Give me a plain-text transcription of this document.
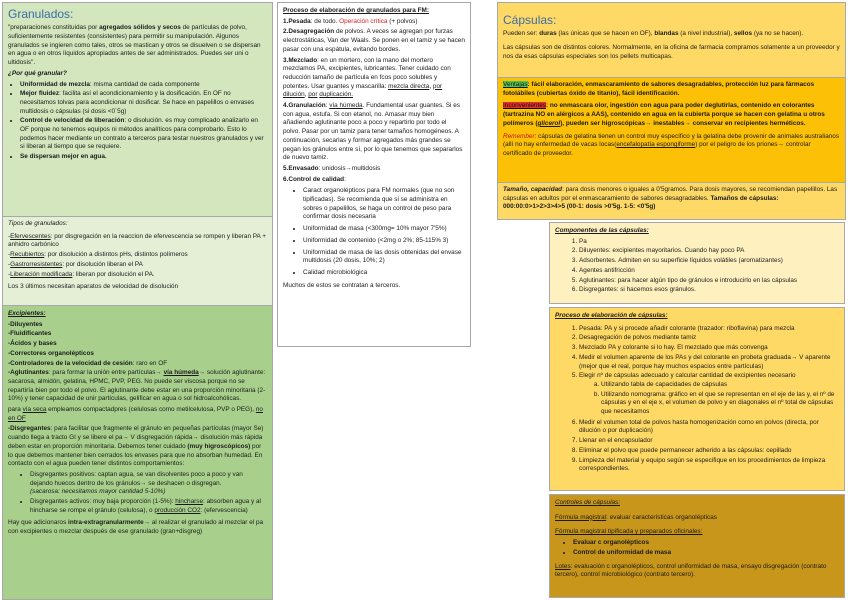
Granulados:

"preparaciones constituidas por agregados sólidos y secos de partículas de polvo, suficientemente resistentes (consistentes) para permitir su manipulación. Algunos granulados se ingieren como tales, otros se mastican y otros se disuelven o se dispersan en agua o en otros líquidos apropiados antes de ser administrados. Puedes ser uni o ultidosis".

¿Por qué granular?
• Uniformidad de mezcla: misma cantidad de cada componente
• Mejor fluidez: facilita así el acondicionamiento y la dosificación. En OF no necesitamos tolvas para acondicionar ni dosificar. Se hace en papelillos o envases multidosis o cápsulas (si dosis <0´5g)
• Control de velocidad de liberación: o disolución. es muy complicado analizarlo en OF porque no tenemos equipos ni métodos analíticos para comprobarlo. Esto lo podemos hacer mediante un contrato a terceros para testar nuestros granulados y ver si liberan al tiempo que se requiere.
• Se dispersan mejor en agua.

Tipos de granulados:

-Efervescentes: por disgregación en la reaccion de efervescencia se rompen y liberan PA + anhidro carbónico
-Recubiertos: por disolución a distintos pHs, distintos polímeros
-Gastrorresistentes: por disolución liberan el PA
-Liberación modificada: liberan por disolución el PA.

Los 3 últimos necesitan aparatos de velocidad de disolución

Excipientes:
-Diluyentes
-Fluidificantes
-Ácidos y bases
-Correctores organolépticos
-Controladores de la velocidad de cesión: raro en OF

-Aglutinantes: para formar la unión entre partículas→ vía húmeda→ solución aglutinante: sacarosa, almidón, gelatina, HPMC, PVP, PEG. No puede ser viscosa porque no se repartiría bien por todo el polvo. El aglutinante debe estar en una proporción minoritaria (2-10%) y tener capacidad de unir partículas, gelificar en agua o sol hidroalcohólicas.

para vía seca empleamos compactadpres (celulosas como metilcelulosa, PVP o PEG), no en OF

-Disgregantes: para facilitar que fragmente el gránulo en pequeñas partículas (mayor Se) cuando llega a tracto GI y se libere el pa→ V disgregación rápida→ disolución más rápida deben estar en proporción minoritaria. Debemos tener cuidado (muy higroscópicos) por lo que debemos mantener bien cerrados los envases para que no absorban humedad. En contacto con el agua pueden tener distintos comportamientos:

• Disgregantes positivos: captan agua, se van disolventes poco a poco y van dejando huecos dentro de los gránulos→ se deshacen o disgregan.
(sacarosa: necesitamos mayor cantidad 5-10%)
• Disgregantes activos: muy baja proporción (1-5%): hincharse: absorben agua y al hincharse se rompe el gránulo (celulosa), o producción CO2: (efervescencia)

Hay que adicionaros intra-extragranularmente→ al realizar el granulado al mezclar el pa con excipientes o mezclar después de ese granulado (gran+disgreg)

Proceso de elaboración de granulados para FM:

1.Pesada: de todo. Operación crítica (+ polvos)

2.Desagregación de polvos. A veces se agregan por furzas electrostáticas, Van der Waals. Se ponen en el tamiz y se hacen pasar con una espátula, evitando bordes.

3.Mezclado: en un mortero, con la mano del mortero mezclamos PA, excipientes, lubricantes. Tener cuidado con reducción tamaño de partícula en fcos poco solubles y potentes. Usar guantes y mascarilla: mezcla directa, por dilución, por duplicación.

4.Granulación: vía húmeda. Fundamental usar guantes. Si es con agua, estufa. Si con etanol, no. Amasar muy bien añadiendo aglutinante poco a poco y repartirlo por todo el polvo. Pasar por un tamiz para tener tamaños homogéneos. A continuación, secarlas y formar agregados más grandes se pegan los gránulos entre sí, por lo que tenemos que separarlos de nuevo tamiz.

5.Envasado: unidosis→multidosis

6.Control de calidad:

• Caract organolépticos para FM normales (que no son tipificadas). Se recomienda que si se administra en sobres o papelillos, se haga un control de peso para confirmar dosis necesaria
• Uniformidad de masa (<300mg= 10% mayor 7'5%)
• Uniformidad de contenido (<2mg o 2%; 85-115% 3)
• Uniformidad de masa de las dosis obtenidas del envase multidosis (20 dosis, 10%; 2)
• Calidad microbiológica

Muchos de estos se contratan a terceros.

Cápsulas:

Pueden ser: duras (las únicas que se hacen en OF), blandas (a nivel industrial), sellos (ya no se hacen).

Las cápsulas son de distintos colores. Normalmente, en la oficina de farmacia compramos solamente a un proveedor y nos da esas cápsulas especiales son los pellets multicapas.

Ventajas: fácil elaboración, enmascaramiento de sabores desagradables, protección luz para fármacos fotolábiles (cubiertas óxido de titanio), fácil identificación.

Inconvenientes: no enmascara olor, ingestión con agua para poder deglutirlas, contenido en colorantes (tartrazina NO en alérgicos a AAS), contenido en agua en la cubierta porque se hacen con gelatina u otros polímeros (glicerol), pueden ser higroscópicas→ inestables→ conservar en recipientes herméticos.

Remember: cápsulas de gelatina tienen un control muy específico y la gelatina debe provenir de animales australianos (allí no hay enfermedad de vacas locas(encefalopatía espongiforme) por el peligro de los priones→ controlar certificado de proveedor.

Tamaño, capacidad: para dosis menores o iguales a 0'5gramos. Para dosis mayores, se recomiendan papelillos. Las cápsulas en adultos por el enmascaramiento de sabores desagradables. Tamaños de cápsulas: 000:00:0>1>2>3>4>5 (00-1: dosis >0'5g. 1-5: <0'5g)

Componentes de las cápsulas:
1. Pa
2. Diluyentes: excipientes mayoritarios. Cuando hay poco PA
3. Adsorbentes. Admiten en su superficie líquidos volátiles (aromatizantes)
4. Agentes antifricción
5. Aglutinantes: para hacer algún tipo de gránulos e introducirlo en las cápsulas
6. Disgregantes: si hacemos esos gránulos.
Proceso de elaboración de cápsulas:
1. Pesada: PA y si procede añadir colorante (trazador: riboflavina) para mezcla
2. Desagregación de polvos mediante tamiz
3. Mezclado PA y colorante si lo hay. El mezclado que más convenga
4. Medir el volumen aparente de los PAs y del colorante en probeta graduada→ V aparente (mejor que el real, porque hay muchos espacios entre partículas)
5. Elegir nº de cápsulas adecuado y calcular cantidad de excipientes necesario
a. Utilizando tabla de capacidades de cápsulas
b. Utilizando nomograma: gráfico en el que se representan en el eje de las y, el nº de cápsulas y en el eje x, el volumen de polvo y en diagonales el nº total de cápsulas que necesitamos
6. Medir el volumen total de polvos hasta homogenización como en polvos (directa, por dilución o por duplicación)
7. Llenar en el encapsulador
8. Eliminar el polvo que puede permanecer adherido a las cápsulas: cepillado
9. Limpieza del material y equipo según se especifique en los procedimientos de limpieza correspondientes.
Controles de cápsulas:

Fórmula magistral: evaluar características organolépticas

Fórmula magistral tipificada y preparados oficinales:

• Evaluar c organolépticos
• Control de uniformidad de masa

Lotes: evaluación c organolépticos, control uniformidad de masa, ensayo disgregación (contrato tercero), control microbiológico (contrato tercero).
